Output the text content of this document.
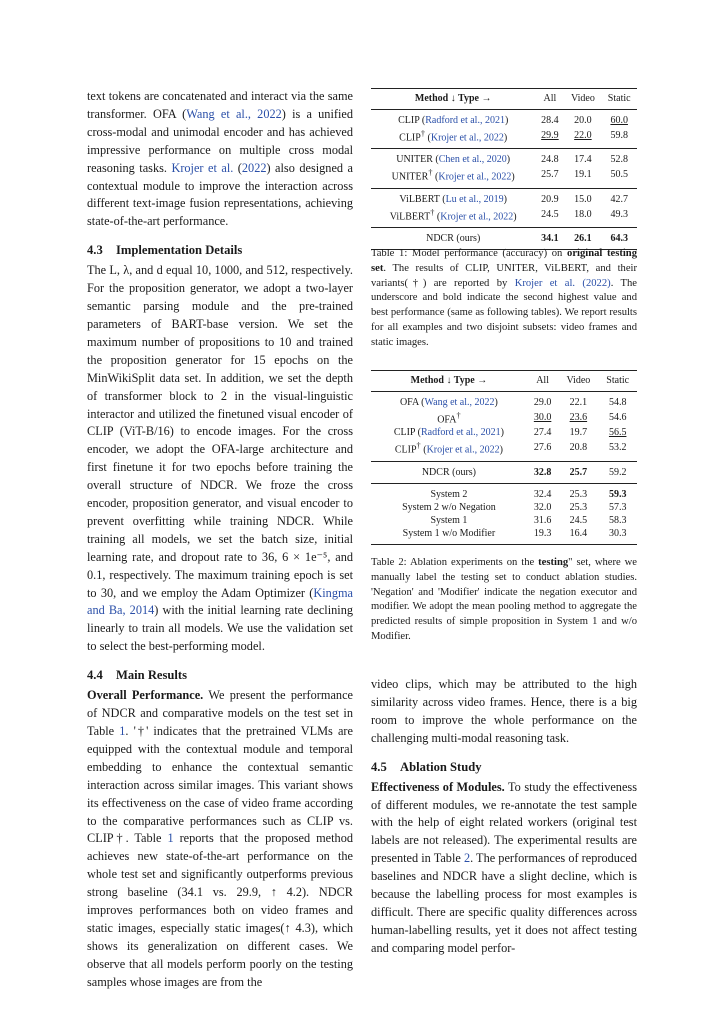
text tokens are concatenated and interact via the same transformer. OFA (Wang et al., 2022) is a unified cross-modal and unimodal encoder and has achieved impressive performance on multiple cross modal reasoning tasks. Krojer et al. (2022) also designed a contextual module to improve the interaction across different text-image fusion representations, achieving state-of-the-art performance.

4.3 Implementation Details

The L, λ, and d equal 10, 1000, and 512, respectively. For the proposition generator, we adopt a two-layer semantic parsing module and the pre-trained parameters of BART-base version. We set the maximum number of propositions to 10 and trained the proposition generator for 15 epochs on the MinWikiSplit data set. In addition, we set the depth of transformer block to 2 in the visual-linguistic interactor and utilized the finetuned visual encoder of CLIP (ViT-B/16) to encode images. For the cross encoder, we adopt the OFA-large architecture and first finetune it for two epochs before training the overall structure of NDCR. We froze the cross encoder, proposition generator, and visual encoder to prevent overfitting while training NDCR. While training all models, we set the batch size, initial learning rate, and dropout rate to 36, 6 × 1e⁻⁵, and 0.1, respectively. The maximum training epoch is set to 30, and we employ the Adam Optimizer (Kingma and Ba, 2014) with the initial learning rate declining linearly to train all models. We use the validation set to select the best-performing model.

4.4 Main Results

Overall Performance. We present the performance of NDCR and comparative models on the test set in Table 1. '†' indicates that the pretrained VLMs are equipped with the contextual module and temporal embedding to enhance the contextual semantic interaction across similar images. This variant shows its effectiveness on the case of video frame according to the comparative performances such as CLIP vs. CLIP†. Table 1 reports that the proposed method achieves new state-of-the-art performance on the whole test set and significantly outperforms previous strong baseline (34.1 vs. 29.9, ↑ 4.2). NDCR improves performances both on video frames and static images, especially static images(↑ 4.3), which shows its generalization on different cases. We observe that all models perform poorly on the testing samples whose images are from the

Method ↓ Type →	All	Video	Static
CLIP (Radford et al., 2021)	28.4	20.0	60.0
CLIP† (Krojer et al., 2022)	29.9	22.0	59.8
UNITER (Chen et al., 2020)	24.8	17.4	52.8
UNITER† (Krojer et al., 2022)	25.7	19.1	50.5
ViLBERT (Lu et al., 2019)	20.9	15.0	42.7
ViLBERT† (Krojer et al., 2022)	24.5	18.0	49.3
NDCR (ours)	34.1	26.1	64.3

Table 1: Model performance (accuracy) on original testing set. The results of CLIP, UNITER, ViLBERT, and their variants(†) are reported by Krojer et al. (2022). The underscore and bold indicate the second highest value and best performance (same as following tables). We report results for all examples and two disjoint subsets: video frames and static images.

Method ↓ Type →	All	Video	Static
OFA (Wang et al., 2022)	29.0	22.1	54.8
OFA†	30.0	23.6	54.6
CLIP (Radford et al., 2021)	27.4	19.7	56.5
CLIP† (Krojer et al., 2022)	27.6	20.8	53.2
NDCR (ours)	32.8	25.7	59.2
System 2	32.4	25.3	59.3
System 2 w/o Negation	32.0	25.3	57.3
System 1	31.6	24.5	58.3
System 1 w/o Modifier	19.3	16.4	30.3

Table 2: Ablation experiments on the testing" set, where we manually label the testing set to conduct ablation studies. 'Negation' and 'Modifier' indicate the negation executor and modifier. We adopt the mean pooling method to aggregate the predicted results of simple proposition in System 1 and w/o Modifier.

video clips, which may be attributed to the high similarity across video frames. Hence, there is a big room to improve the whole performance on the challenging multi-modal reasoning task.

4.5 Ablation Study

Effectiveness of Modules. To study the effectiveness of different modules, we re-annotate the test sample with the help of eight related workers (original test labels are not released). The experimental results are presented in Table 2. The performances of reproduced baselines and NDCR have a slight decline, which is because the labelling process for most examples is difficult. There are specific quality differences across human-labelling results, yet it does not affect testing and comparing model perfor-
